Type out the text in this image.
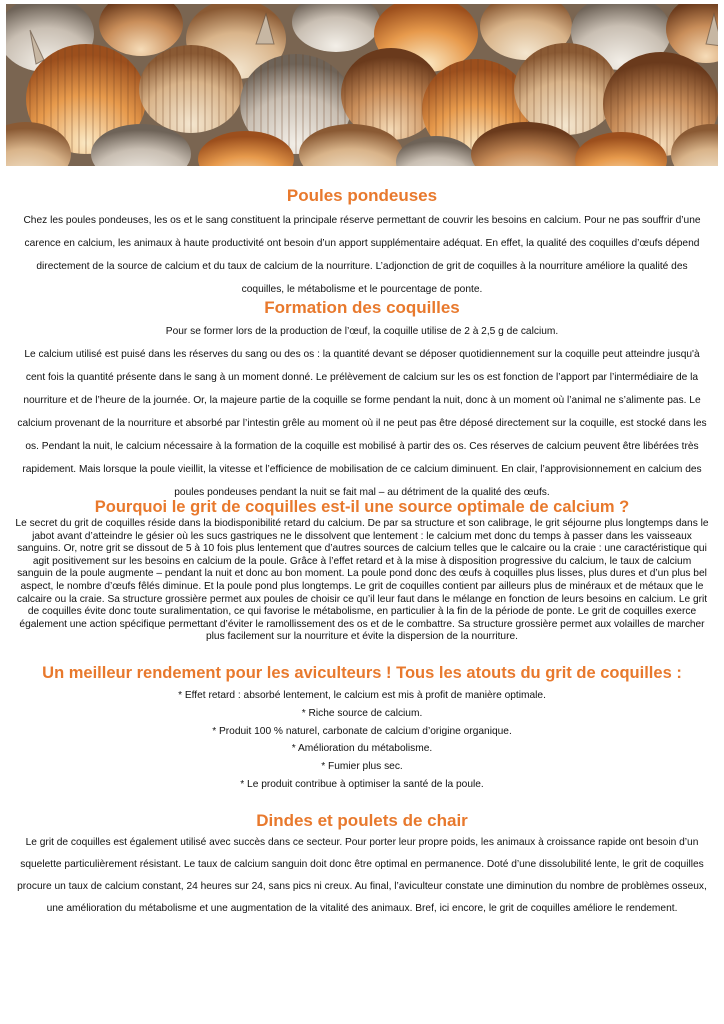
Poules pondeuses

Chez les poules pondeuses, les os et le sang constituent la principale réserve permettant de couvrir les besoins en calcium. Pour ne pas souffrir d’une carence en calcium, les animaux à haute productivité ont besoin d’un apport supplémentaire adéquat. En effet, la qualité des coquilles d’œufs dépend directement de la source de calcium et du taux de calcium de la nourriture. L’adjonction de grit de coquilles à la nourriture améliore la qualité des coquilles, le métabolisme et le pourcentage de ponte.

Formation des coquilles

Pour se former lors de la production de l’œuf, la coquille utilise de 2 à 2,5 g de calcium.

Le calcium utilisé est puisé dans les réserves du sang ou des os : la quantité devant se déposer quotidiennement sur la coquille peut atteindre jusqu'à cent fois la quantité présente dans le sang à un moment donné. Le prélèvement de calcium sur les os est fonction de l’apport par l’intermédiaire de la nourriture et de l’heure de la journée. Or, la majeure partie de la coquille se forme pendant la nuit, donc à un moment où l’animal ne s’alimente pas. Le calcium provenant de la nourriture et absorbé par l’intestin grêle au moment où il ne peut pas être déposé directement sur la coquille, est stocké dans les os. Pendant la nuit, le calcium nécessaire à la formation de la coquille est mobilisé à partir des os. Ces réserves de calcium peuvent être libérées très rapidement. Mais lorsque la poule vieillit, la vitesse et l’efficience de mobilisation de ce calcium diminuent. En clair, l’approvisionnement en calcium des poules pondeuses pendant la nuit se fait mal – au détriment de la qualité des œufs.

Pourquoi le grit de coquilles est-il une source optimale de calcium ?

Le secret du grit de coquilles réside dans la biodisponibilité retard du calcium. De par sa structure et son calibrage, le grit séjourne plus longtemps dans le jabot avant d’atteindre le gésier où les sucs gastriques ne le dissolvent que lentement : le calcium met donc du temps à passer dans les vaisseaux sanguins. Or, notre grit se dissout de 5 à 10 fois plus lentement que d’autres sources de calcium telles que le calcaire ou la craie : une caractéristique qui agit positivement sur les besoins en calcium de la poule. Grâce à l’effet retard et à la mise à disposition progressive du calcium, le taux de calcium sanguin de la poule augmente – pendant la nuit et donc au bon moment. La poule pond donc des œufs à coquilles plus lisses, plus dures et d’un plus bel aspect, le nombre d’œufs fêlés diminue. Et la poule pond plus longtemps. Le grit de coquilles contient par ailleurs plus de minéraux et de métaux que le calcaire ou la craie. Sa structure grossière permet aux poules de choisir ce qu’il leur faut dans le mélange en fonction de leurs besoins en calcium. Le grit de coquilles évite donc toute suralimentation, ce qui favorise le métabolisme, en particulier à la fin de la période de ponte. Le grit de coquilles exerce également une action spécifique permettant d’éviter le ramollissement des os et de le combattre. Sa structure grossière permet aux volailles de marcher plus facilement sur la nourriture et évite la dispersion de la nourriture.

Un meilleur rendement pour les aviculteurs ! Tous les atouts du grit de coquilles :
* Effet retard : absorbé lentement, le calcium est mis à profit de manière optimale.
* Riche source de calcium.
* Produit 100 % naturel, carbonate de calcium d’origine organique.
* Amélioration du métabolisme.
* Fumier plus sec.
* Le produit contribue à optimiser la santé de la poule.
Dindes et poulets de chair

Le grit de coquilles est également utilisé avec succès dans ce secteur. Pour porter leur propre poids, les animaux à croissance rapide ont besoin d’un squelette particulièrement résistant. Le taux de calcium sanguin doit donc être optimal en permanence. Doté d’une dissolubilité lente, le grit de coquilles procure un taux de calcium constant, 24 heures sur 24, sans pics ni creux. Au final, l’aviculteur constate une diminution du nombre de problèmes osseux, une amélioration du métabolisme et une augmentation de la vitalité des animaux. Bref, ici encore, le grit de coquilles améliore le rendement.
